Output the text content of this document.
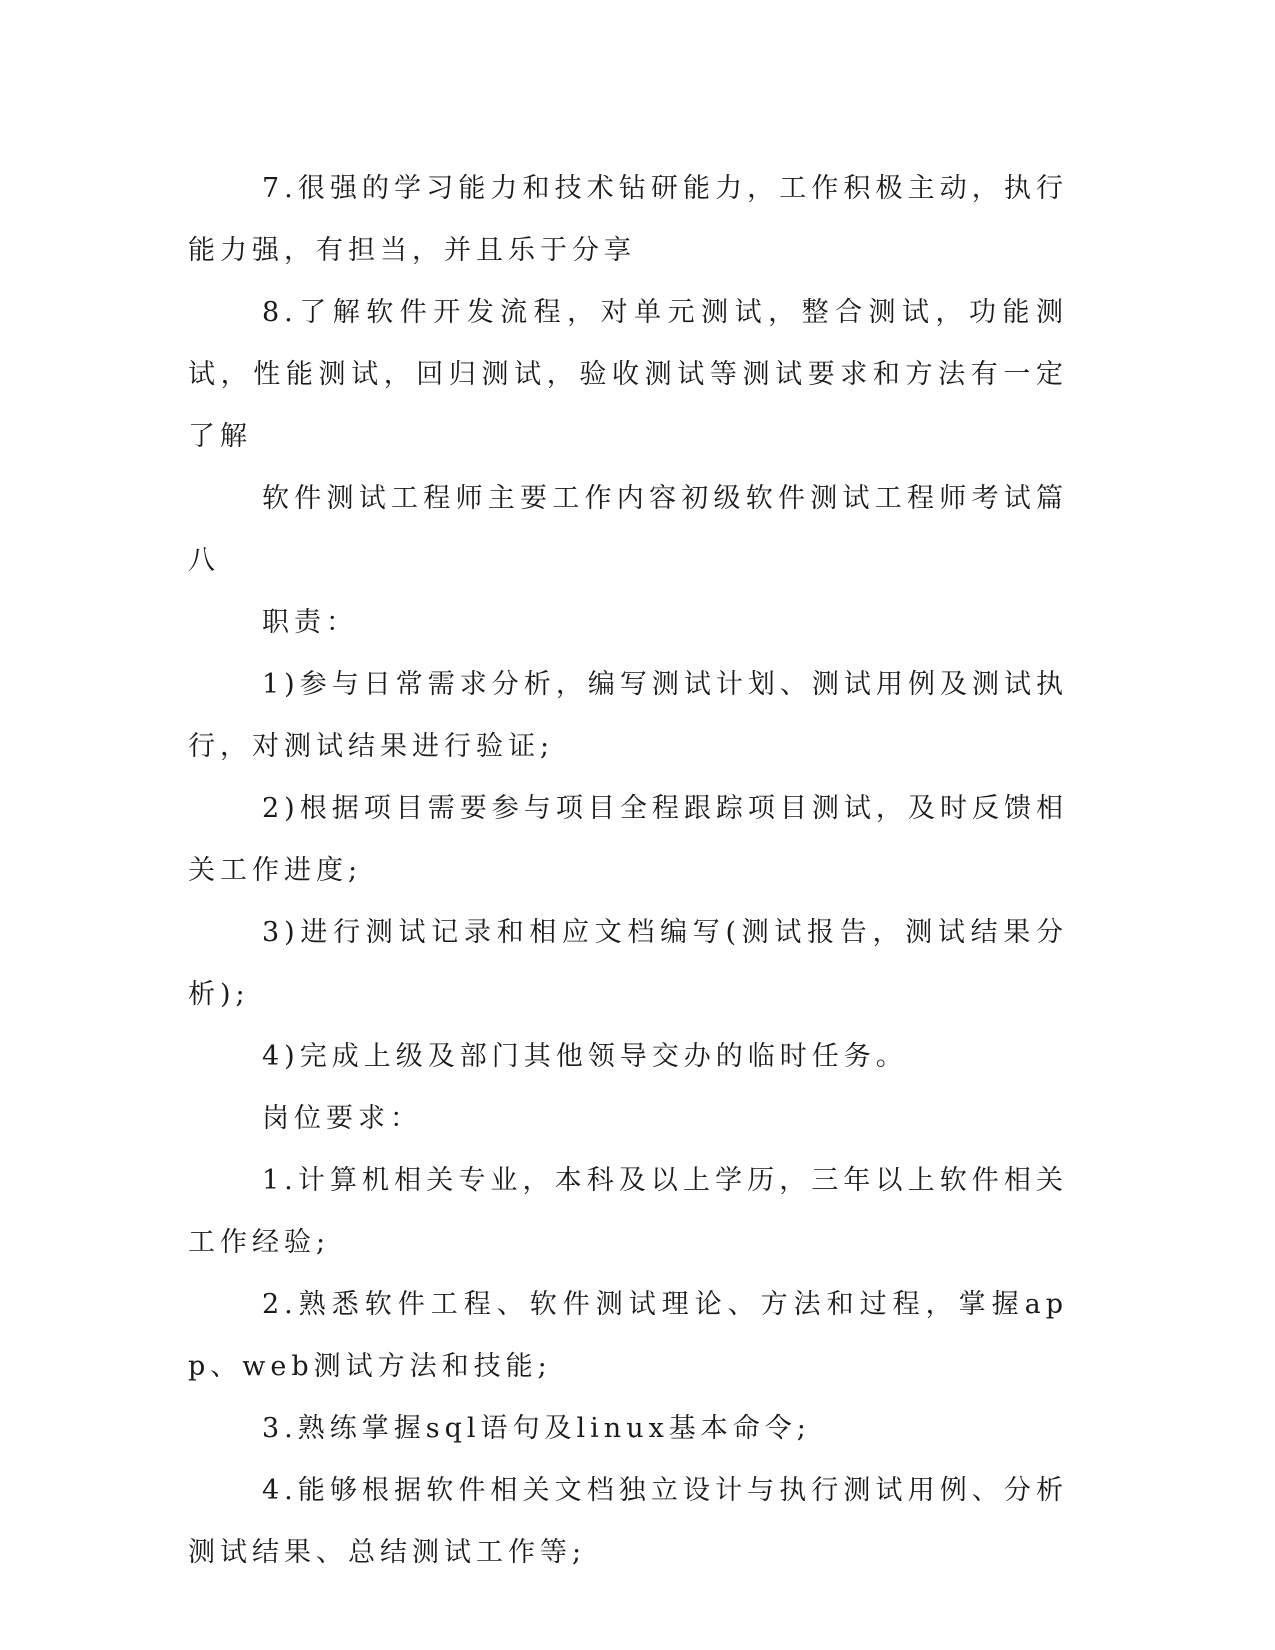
7.很强的学习能力和技术钻研能力，工作积极主动，执行能力强，有担当，并且乐于分享

8.了解软件开发流程，对单元测试，整合测试，功能测试，性能测试，回归测试，验收测试等测试要求和方法有一定了解

软件测试工程师主要工作内容初级软件测试工程师考试篇八

职责：

1)参与日常需求分析，编写测试计划、测试用例及测试执行，对测试结果进行验证;

2)根据项目需要参与项目全程跟踪项目测试，及时反馈相关工作进度;

3)进行测试记录和相应文档编写(测试报告，测试结果分析);

4)完成上级及部门其他领导交办的临时任务。

岗位要求：

1.计算机相关专业，本科及以上学历，三年以上软件相关工作经验;

2.熟悉软件工程、软件测试理论、方法和过程，掌握app、web测试方法和技能;

3.熟练掌握sql语句及linux基本命令;

4.能够根据软件相关文档独立设计与执行测试用例、分析测试结果、总结测试工作等;
